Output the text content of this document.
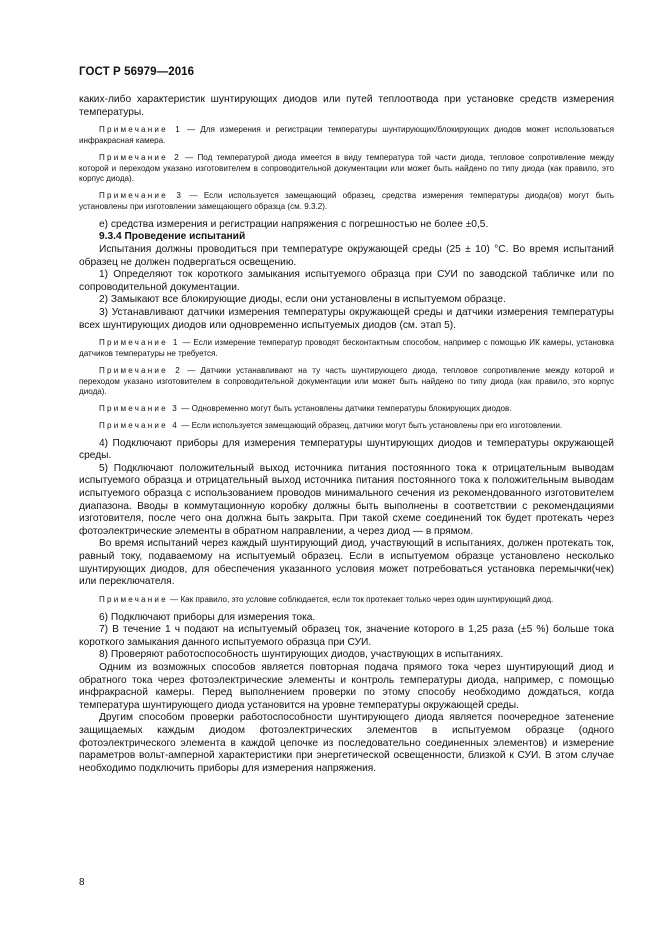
ГОСТ Р 56979—2016

каких-либо характеристик шунтирующих диодов или путей теплоотвода при установке средств измерения температуры.

Примечание 1 — Для измерения и регистрации температуры шунтирующих/блокирующих диодов может использоваться инфракрасная камера.

Примечание 2 — Под температурой диода имеется в виду температура той части диода, тепловое сопротивление между которой и переходом указано изготовителем в сопроводительной документации или может быть найдено по типу диода (как правило, это корпус диода).

Примечание 3 — Если используется замещающий образец, средства измерения температуры диода(ов) могут быть установлены при изготовлении замещающего образца (см. 9.3.2).

е) средства измерения и регистрации напряжения с погрешностью не более ±0,5.

9.3.4 Проведение испытаний

Испытания должны проводиться при температуре окружающей среды (25 ± 10) °С. Во время испытаний образец не должен подвергаться освещению.

1) Определяют ток короткого замыкания испытуемого образца при СУИ по заводской табличке или по сопроводительной документации.

2) Замыкают все блокирующие диоды, если они установлены в испытуемом образце.

3) Устанавливают датчики измерения температуры окружающей среды и датчики измерения температуры всех шунтирующих диодов или одновременно испытуемых диодов (см. этап 5).

Примечание 1 — Если измерение температур проводят бесконтактным способом, например с помощью ИК камеры, установка датчиков температуры не требуется.

Примечание 2 — Датчики устанавливают на ту часть шунтирующего диода, тепловое сопротивление между которой и переходом указано изготовителем в сопроводительной документации или может быть найдено по типу диода (как правило, это корпус диода).

Примечание 3 — Одновременно могут быть установлены датчики температуры блокирующих диодов.

Примечание 4 — Если используется замещающий образец, датчики могут быть установлены при его изготовлении.

4) Подключают приборы для измерения температуры шунтирующих диодов и температуры окружающей среды.

5) Подключают положительный выход источника питания постоянного тока к отрицательным выводам испытуемого образца и отрицательный выход источника питания постоянного тока к положительным выводам испытуемого образца с использованием проводов минимального сечения из рекомендованного изготовителем диапазона. Вводы в коммутационную коробку должны быть выполнены в соответствии с рекомендациями изготовителя, после чего она должна быть закрыта. При такой схеме соединений ток будет протекать через фотоэлектрические элементы в обратном направлении, а через диод — в прямом.

Во время испытаний через каждый шунтирующий диод, участвующий в испытаниях, должен протекать ток, равный току, подаваемому на испытуемый образец. Если в испытуемом образце установлено несколько шунтирующих диодов, для обеспечения указанного условия может потребоваться установка перемычки(чек) или переключателя.

Примечание — Как правило, это условие соблюдается, если ток протекает только через один шунтирующий диод.

6) Подключают приборы для измерения тока.

7) В течение 1 ч подают на испытуемый образец ток, значение которого в 1,25 раза (±5 %) больше тока короткого замыкания данного испытуемого образца при СУИ.

8) Проверяют работоспособность шунтирующих диодов, участвующих в испытаниях.

Одним из возможных способов является повторная подача прямого тока через шунтирующий диод и обратного тока через фотоэлектрические элементы и контроль температуры диода, например, с помощью инфракрасной камеры. Перед выполнением проверки по этому способу необходимо дождаться, когда температура шунтирующего диода установится на уровне температуры окружающей среды.

Другим способом проверки работоспособности шунтирующего диода является поочередное затенение защищаемых каждым диодом фотоэлектрических элементов в испытуемом образце (одного фотоэлектрического элемента в каждой цепочке из последовательно соединенных элементов) и измерение параметров вольт-амперной характеристики при энергетической освещенности, близкой к СУИ. В этом случае необходимо подключить приборы для измерения напряжения.

8
